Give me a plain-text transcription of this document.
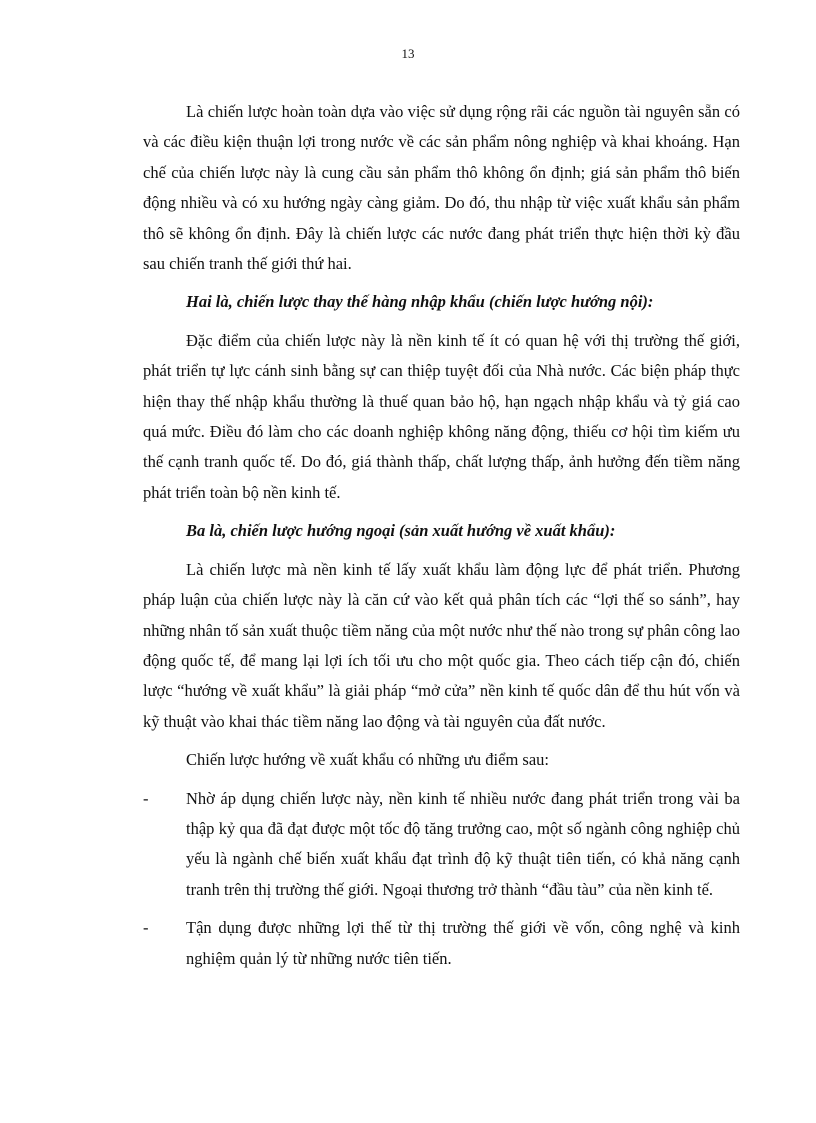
13

Là chiến lược hoàn toàn dựa vào việc sử dụng rộng rãi các nguồn tài nguyên sẵn có và các điều kiện thuận lợi trong nước về các sản phẩm nông nghiệp và khai khoáng. Hạn chế của chiến lược này là cung cầu sản phẩm thô không ổn định; giá sản phẩm thô biến động nhiều và có xu hướng ngày càng giảm. Do đó, thu nhập từ việc xuất khẩu sản phẩm thô sẽ không ổn định. Đây là chiến lược các nước đang phát triển thực hiện thời kỳ đầu sau chiến tranh thế giới thứ hai.

Hai là, chiến lược thay thế hàng nhập khẩu (chiến lược hướng nội):

Đặc điểm của chiến lược này là nền kinh tế ít có quan hệ với thị trường thế giới, phát triển tự lực cánh sinh bằng sự can thiệp tuyệt đối của Nhà nước. Các biện pháp thực hiện thay thế nhập khẩu thường là thuế quan bảo hộ, hạn ngạch nhập khẩu và tỷ giá cao quá mức. Điều đó làm cho các doanh nghiệp không năng động, thiếu cơ hội tìm kiếm ưu thế cạnh tranh quốc tế. Do đó, giá thành thấp, chất lượng thấp, ảnh hưởng đến tiềm năng phát triển toàn bộ nền kinh tế.

Ba là, chiến lược hướng ngoại (sản xuất hướng về xuất khẩu):

Là chiến lược mà nền kinh tế lấy xuất khẩu làm động lực để phát triển. Phương pháp luận của chiến lược này là căn cứ vào kết quả phân tích các “lợi thế so sánh”, hay những nhân tố sản xuất thuộc tiềm năng của một nước như thế nào trong sự phân công lao động quốc tế, để mang lại lợi ích tối ưu cho một quốc gia. Theo cách tiếp cận đó, chiến lược “hướng về xuất khẩu” là giải pháp “mở cửa” nền kinh tế quốc dân để thu hút vốn và kỹ thuật vào khai thác tiềm năng lao động và tài nguyên của đất nước.

Chiến lược hướng về xuất khẩu có những ưu điểm sau:

- Nhờ áp dụng chiến lược này, nền kinh tế nhiều nước đang phát triển trong vài ba thập kỷ qua đã đạt được một tốc độ tăng trưởng cao, một số ngành công nghiệp chủ yếu là ngành chế biến xuất khẩu đạt trình độ kỹ thuật tiên tiến, có khả năng cạnh tranh trên thị trường thế giới. Ngoại thương trở thành “đầu tàu” của nền kinh tế.
- Tận dụng được những lợi thế từ thị trường thế giới về vốn, công nghệ và kinh nghiệm quản lý từ những nước tiên tiến.
